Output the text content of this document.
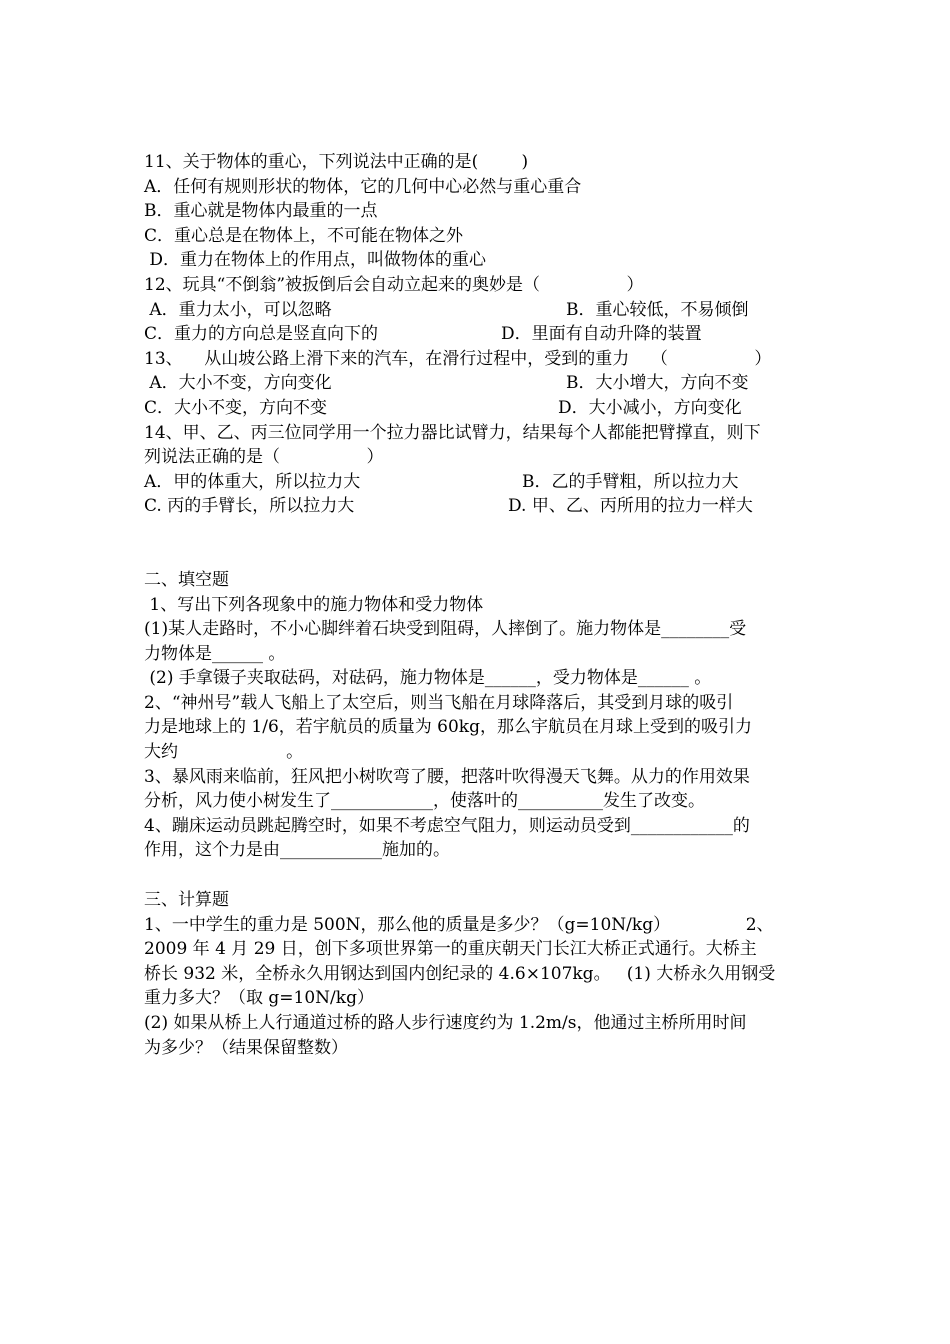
11、关于物体的重心，下列说法中正确的是(        )
A．任何有规则形状的物体，它的几何中心必然与重心重合
B．重心就是物体内最重的一点
C．重心总是在物体上，不可能在物体之外
D．重力在物体上的作用点，叫做物体的重心
12、玩具“不倒翁”被扳倒后会自动立起来的奥妙是（                ）
A．重力太小，可以忽略	B．重心较低，不易倾倒
C．重力的方向总是竖直向下的	D．里面有自动升降的装置
13、    从山坡公路上滑下来的汽车，在滑行过程中，受到的重力    （                ）
A．大小不变，方向变化	B．大小增大，方向不变
C．大小不变，方向不变	D．大小减小，方向变化
14、甲、乙、丙三位同学用一个拉力器比试臂力，结果每个人都能把臂撑直，则下
列说法正确的是（                ）
A．甲的体重大，所以拉力大	B．乙的手臂粗，所以拉力大
C. 丙的手臂长，所以拉力大	D. 甲、乙、丙所用的拉力一样大
二、填空题
1、写出下列各现象中的施力物体和受力物体
(1)某人走路时，不小心脚绊着石块受到阻碍，人摔倒了。施力物体是________受
力物体是______ 。
(2) 手拿镊子夹取砝码，对砝码，施力物体是______，受力物体是______ 。
2、“神州号”载人飞船上了太空后，则当飞船在月球降落后，其受到月球的吸引
力是地球上的 1/6，若宇航员的质量为 60kg，那么宇航员在月球上受到的吸引力
大约                    。
3、暴风雨来临前，狂风把小树吹弯了腰，把落叶吹得漫天飞舞。从力的作用效果
分析，风力使小树发生了____________，使落叶的__________发生了改变。
4、蹦床运动员跳起腾空时，如果不考虑空气阻力，则运动员受到____________的
作用，这个力是由____________施加的。
三、计算题
1、一中学生的重力是 500N，那么他的质量是多少？（g=10N/kg）              2、
2009 年 4 月 29 日，创下多项世界第一的重庆朝天门长江大桥正式通行。大桥主
桥长 932 米，全桥永久用钢达到国内创纪录的 4.6×107kg。   (1) 大桥永久用钢受
重力多大？（取 g=10N/kg）
(2) 如果从桥上人行通道过桥的路人步行速度约为 1.2m/s，他通过主桥所用时间
为多少？（结果保留整数）
